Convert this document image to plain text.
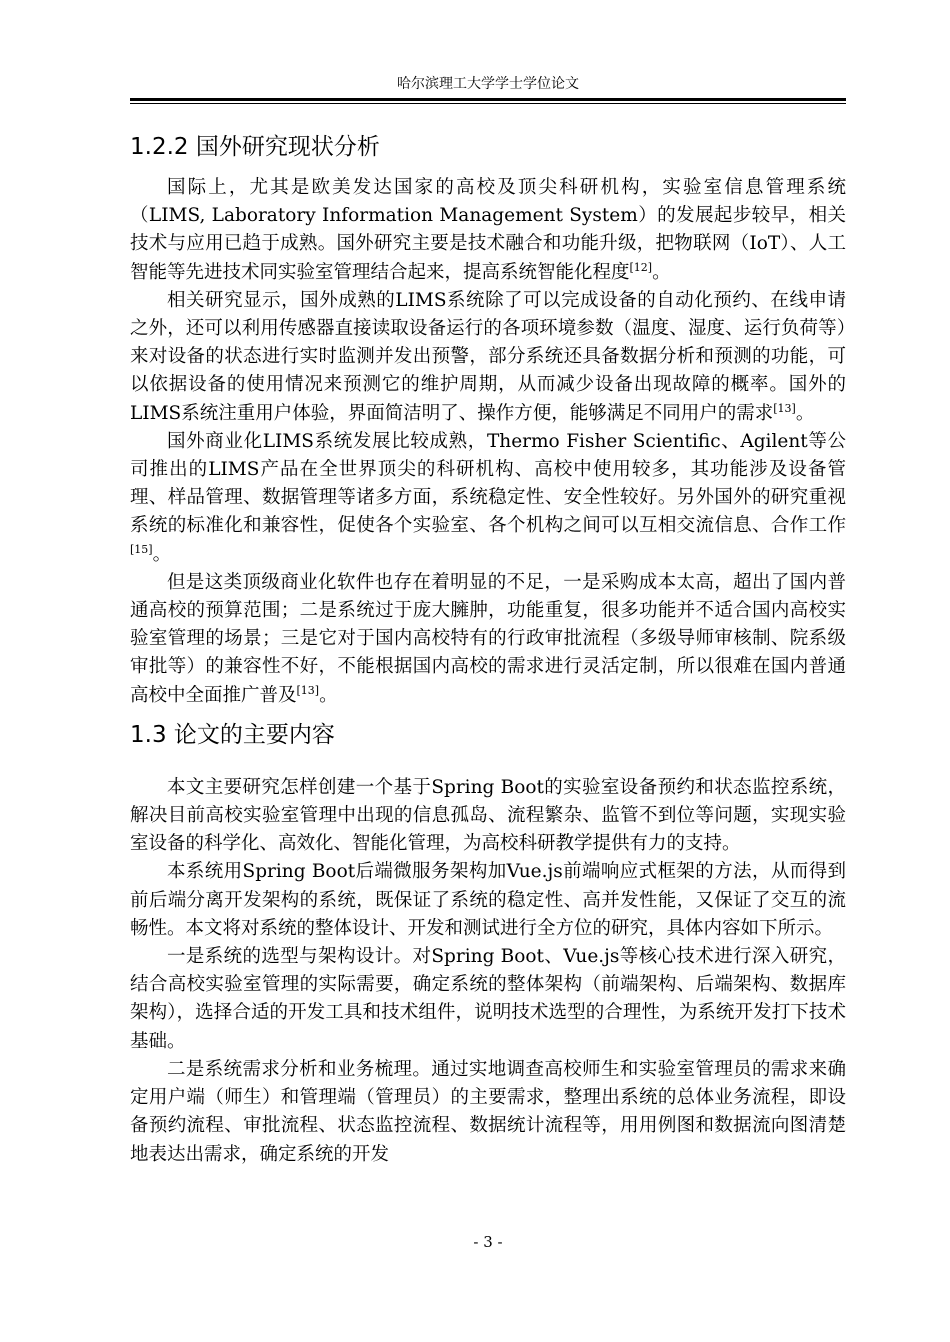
哈尔滨理工大学学士学位论文
1.2.2 国外研究现状分析

国际上，尤其是欧美发达国家的高校及顶尖科研机构，实验室信息管理系统（LIMS, Laboratory Information Management System）的发展起步较早，相关技术与应用已趋于成熟。国外研究主要是技术融合和功能升级，把物联网（IoT）、人工智能等先进技术同实验室管理结合起来，提高系统智能化程度[12]。

相关研究显示，国外成熟的LIMS系统除了可以完成设备的自动化预约、在线申请之外，还可以利用传感器直接读取设备运行的各项环境参数（温度、湿度、运行负荷等）来对设备的状态进行实时监测并发出预警，部分系统还具备数据分析和预测的功能，可以依据设备的使用情况来预测它的维护周期，从而减少设备出现故障的概率。国外的LIMS系统注重用户体验，界面简洁明了、操作方便，能够满足不同用户的需求[13]。

国外商业化LIMS系统发展比较成熟，Thermo Fisher Scientific、Agilent等公司推出的LIMS产品在全世界顶尖的科研机构、高校中使用较多，其功能涉及设备管理、样品管理、数据管理等诸多方面，系统稳定性、安全性较好。另外国外的研究重视系统的标准化和兼容性，促使各个实验室、各个机构之间可以互相交流信息、合作工作[15]。

但是这类顶级商业化软件也存在着明显的不足，一是采购成本太高，超出了国内普通高校的预算范围；二是系统过于庞大臃肿，功能重复，很多功能并不适合国内高校实验室管理的场景；三是它对于国内高校特有的行政审批流程（多级导师审核制、院系级审批等）的兼容性不好，不能根据国内高校的需求进行灵活定制，所以很难在国内普通高校中全面推广普及[13]。

1.3 论文的主要内容

本文主要研究怎样创建一个基于Spring Boot的实验室设备预约和状态监控系统，解决目前高校实验室管理中出现的信息孤岛、流程繁杂、监管不到位等问题，实现实验室设备的科学化、高效化、智能化管理，为高校科研教学提供有力的支持。

本系统用Spring Boot后端微服务架构加Vue.js前端响应式框架的方法，从而得到前后端分离开发架构的系统，既保证了系统的稳定性、高并发性能，又保证了交互的流畅性。本文将对系统的整体设计、开发和测试进行全方位的研究，具体内容如下所示。

一是系统的选型与架构设计。对Spring Boot、Vue.js等核心技术进行深入研究，结合高校实验室管理的实际需要，确定系统的整体架构（前端架构、后端架构、数据库架构），选择合适的开发工具和技术组件，说明技术选型的合理性，为系统开发打下技术基础。

二是系统需求分析和业务梳理。通过实地调查高校师生和实验室管理员的需求来确定用户端（师生）和管理端（管理员）的主要需求，整理出系统的总体业务流程，即设备预约流程、审批流程、状态监控流程、数据统计流程等，用用例图和数据流向图清楚地表达出需求，确定系统的开发

- 3 -
